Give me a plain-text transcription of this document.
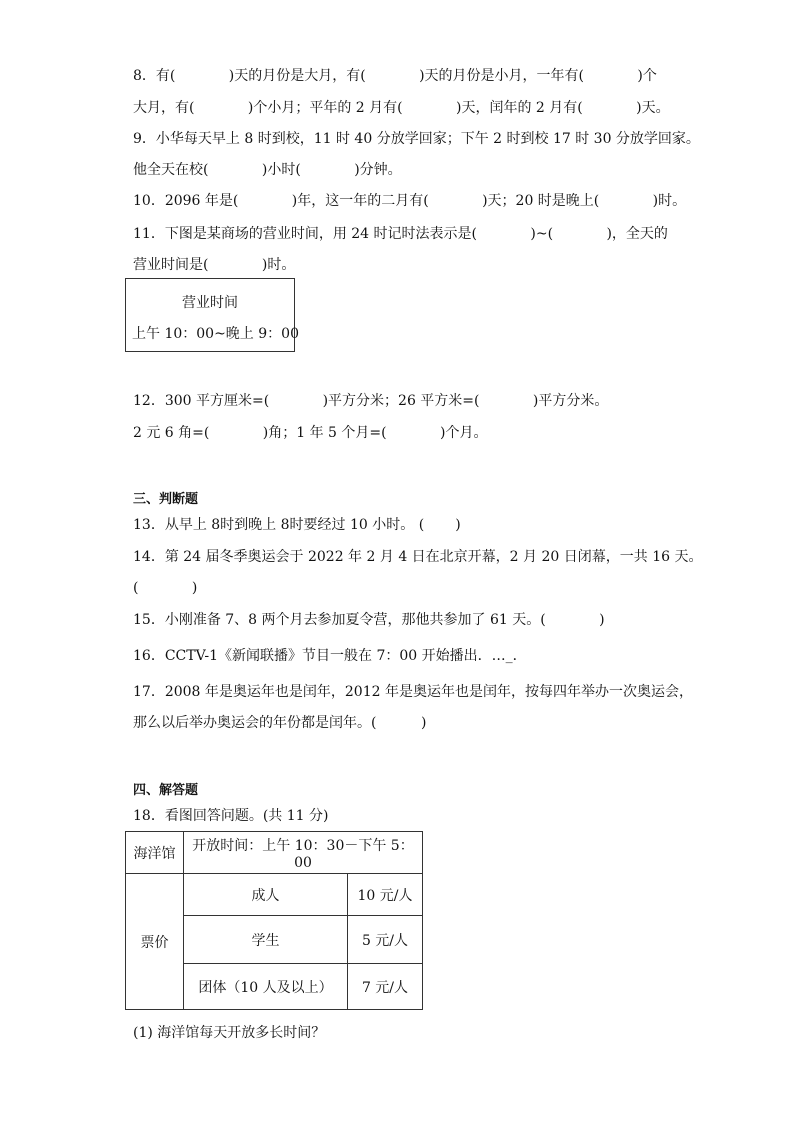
8．有(            )天的月份是大月，有(            )天的月份是小月，一年有(            )个
大月，有(            )个小月；平年的 2 月有(            )天，闰年的 2 月有(            )天。
9．小华每天早上 8 时到校，11 时 40 分放学回家；下午 2 时到校 17 时 30 分放学回家。
他全天在校(            )小时(            )分钟。
10．2096 年是(            )年，这一年的二月有(            )天；20 时是晚上(            )时。
11．下图是某商场的营业时间，用 24 时记时法表示是(            )~(            )，全天的
营业时间是(            )时。
营业时间
上午 10：00~晚上 9：00
12．300 平方厘米=(            )平方分米；26 平方米=(            )平方分米。
2 元 6 角=(            )角；1 年 5 个月=(            )个月。
三、判断题
13．从早上 8时到晚上 8时要经过 10 小时。 (       )
14．第 24 届冬季奥运会于 2022 年 2 月 4 日在北京开幕，2 月 20 日闭幕，一共 16 天。
(            )
15．小刚准备 7、8 两个月去参加夏令营，那他共参加了 61 天。(            )
16．CCTV-1《新闻联播》节目一般在 7：00 开始播出．…_．
17．2008 年是奥运年也是闰年，2012 年是奥运年也是闰年，按每四年举办一次奥运会，
那么以后举办奥运会的年份都是闰年。(          )
四、解答题
18．看图回答问题。(共 11 分)
海洋馆	开放时间：上午 10：30－下午 5：00	
票价	成人	10 元/人
	学生	5 元/人
	团体（10 人及以上）	7 元/人
(1) 海洋馆每天开放多长时间？
